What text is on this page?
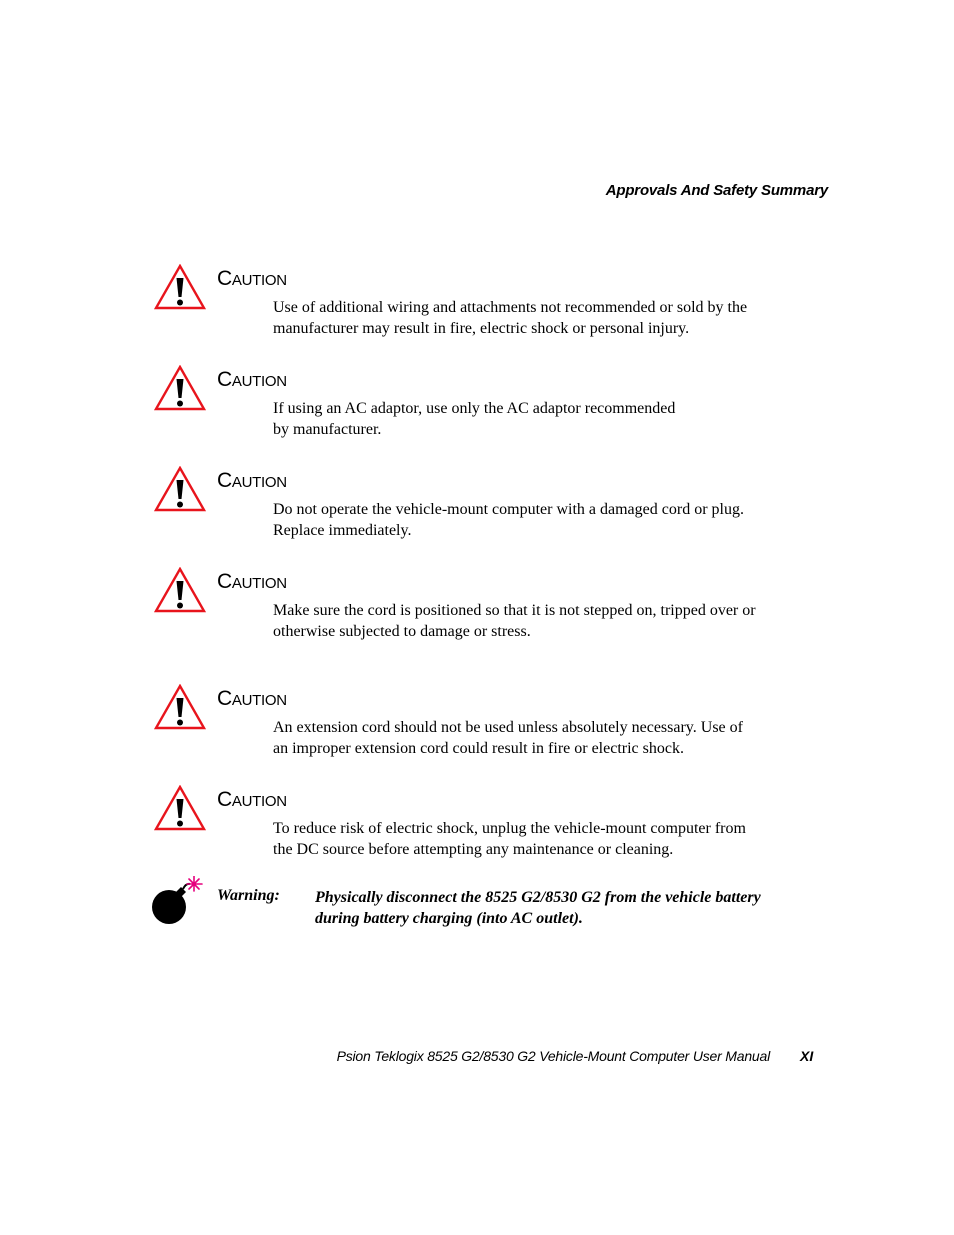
Approvals And Safety Summary
CAUTION
Use of additional wiring and attachments not recommended or sold by the
manufacturer may result in fire, electric shock or personal injury.
CAUTION
If using an AC adaptor, use only the AC adaptor recommended
by manufacturer.
CAUTION
Do not operate the vehicle-mount computer with a damaged cord or plug.
Replace immediately.
CAUTION
Make sure the cord is positioned so that it is not stepped on, tripped over or
otherwise subjected to damage or stress.
CAUTION
An extension cord should not be used unless absolutely necessary. Use of
an improper extension cord could result in fire or electric shock.
CAUTION
To reduce risk of electric shock, unplug the vehicle-mount computer from
the DC source before attempting any maintenance or cleaning.
Warning: Physically disconnect the 8525 G2/8530 G2 from the vehicle battery
during battery charging (into AC outlet).
Psion Teklogix 8525 G2/8530 G2 Vehicle-Mount Computer User Manual XI
